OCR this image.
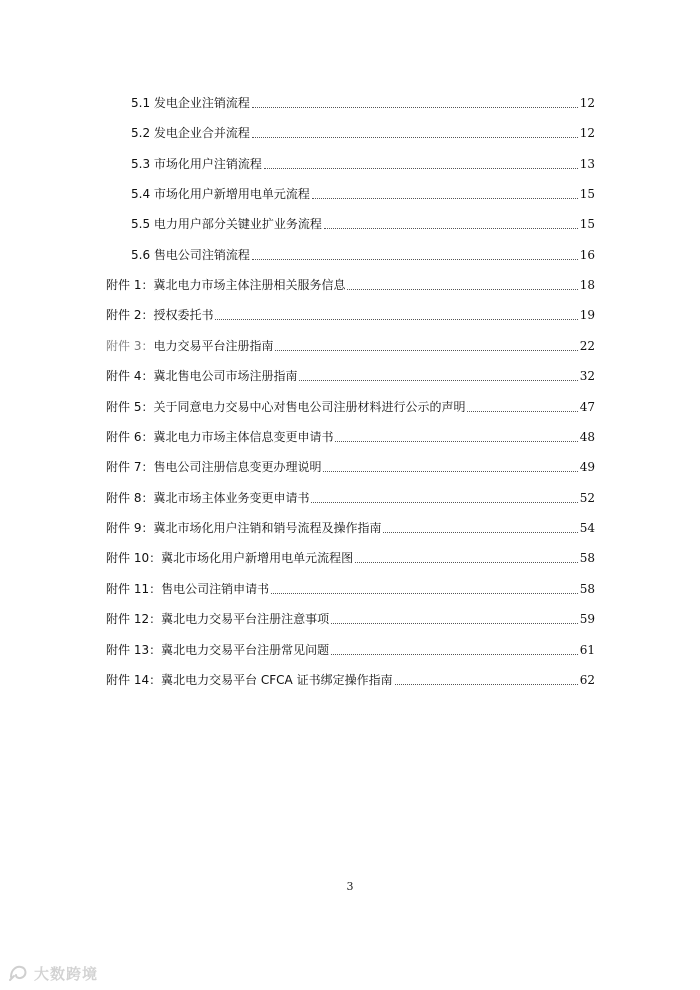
5.1 发电企业注销流程	12
5.2 发电企业合并流程	12
5.3 市场化用户注销流程	13
5.4 市场化用户新增用电单元流程	15
5.5 电力用户部分关键业扩业务流程	15
5.6 售电公司注销流程	16
附件 1：冀北电力市场主体注册相关服务信息	18
附件 2：授权委托书	19
附件 3： 电力交易平台注册指南	22
附件 4：冀北售电公司市场注册指南	32
附件 5：关于同意电力交易中心对售电公司注册材料进行公示的声明	47
附件 6：冀北电力市场主体信息变更申请书	48
附件 7：售电公司注册信息变更办理说明	49
附件 8：冀北市场主体业务变更申请书	52
附件 9：冀北市场化用户注销和销号流程及操作指南	54
附件 10：冀北市场化用户新增用电单元流程图	58
附件 11：售电公司注销申请书	58
附件 12：冀北电力交易平台注册注意事项	59
附件 13：冀北电力交易平台注册常见问题	61
附件 14：冀北电力交易平台 CFCA 证书绑定操作指南	62
3
大数跨境
